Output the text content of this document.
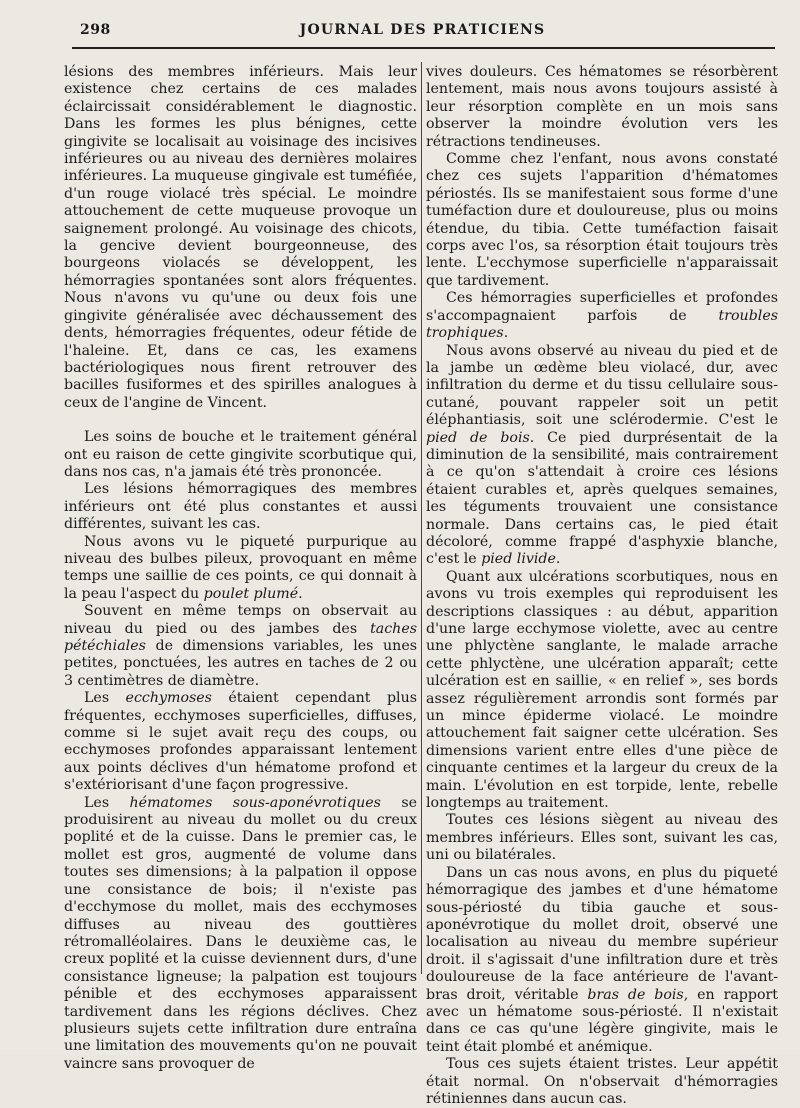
298	JOURNAL DES PRATICIENS

lésions des membres inférieurs. Mais leur existence chez certains de ces malades éclaircissait considérablement le diagnostic. Dans les formes les plus bénignes, cette gingivite se localisait au voisinage des incisives inférieures ou au niveau des dernières molaires inférieures. La muqueuse gingivale est tuméfiée, d'un rouge violacé très spécial. Le moindre attouchement de cette muqueuse provoque un saignement prolongé. Au voisinage des chicots, la gencive devient bourgeonneuse, des bourgeons violacés se développent, les hémorragies spontanées sont alors fréquentes. Nous n'avons vu qu'une ou deux fois une gingivite généralisée avec déchaussement des dents, hémorragies fréquentes, odeur fétide de l'haleine. Et, dans ce cas, les examens bactériologiques nous firent retrouver des bacilles fusiformes et des spirilles analogues à ceux de l'angine de Vincent.

Les soins de bouche et le traitement général ont eu raison de cette gingivite scorbutique qui, dans nos cas, n'a jamais été très prononcée.

Les lésions hémorragiques des membres inférieurs ont été plus constantes et aussi différentes, suivant les cas.

Nous avons vu le piqueté purpurique au niveau des bulbes pileux, provoquant en même temps une saillie de ces points, ce qui donnait à la peau l'aspect du poulet plumé.

Souvent en même temps on observait au niveau du pied ou des jambes des taches pétéchiales de dimensions variables, les unes petites, ponctuées, les autres en taches de 2 ou 3 centimètres de diamètre.

Les ecchymoses étaient cependant plus fréquentes, ecchymoses superficielles, diffuses, comme si le sujet avait reçu des coups, ou ecchymoses profondes apparaissant lentement aux points déclives d'un hématome profond et s'extériorisant d'une façon progressive.

Les hématomes sous-aponévrotiques se produisirent au niveau du mollet ou du creux poplité et de la cuisse. Dans le premier cas, le mollet est gros, augmenté de volume dans toutes ses dimensions; à la palpation il oppose une consistance de bois; il n'existe pas d'ecchymose du mollet, mais des ecchymoses diffuses au niveau des gouttières rétromalléolaires. Dans le deuxième cas, le creux poplité et la cuisse deviennent durs, d'une consistance ligneuse; la palpation est toujours pénible et des ecchymoses apparaissent tardivement dans les régions déclives. Chez plusieurs sujets cette infiltration dure entraîna une limitation des mouvements qu'on ne pouvait vaincre sans provoquer de

vives douleurs. Ces hématomes se résorbèrent lentement, mais nous avons toujours assisté à leur résorption complète en un mois sans observer la moindre évolution vers les rétractions tendineuses.

Comme chez l'enfant, nous avons constaté chez ces sujets l'apparition d'hématomes périostés. Ils se manifestaient sous forme d'une tuméfaction dure et douloureuse, plus ou moins étendue, du tibia. Cette tuméfaction faisait corps avec l'os, sa résorption était toujours très lente. L'ecchymose superficielle n'apparaissait que tardivement.

Ces hémorragies superficielles et profondes s'accompagnaient parfois de troubles trophiques.

Nous avons observé au niveau du pied et de la jambe un œdème bleu violacé, dur, avec infiltration du derme et du tissu cellulaire sous-cutané, pouvant rappeler soit un petit éléphantiasis, soit une sclérodermie. C'est le pied de bois. Ce pied durprésentait de la diminution de la sensibilité, mais contrairement à ce qu'on s'attendait à croire ces lésions étaient curables et, après quelques semaines, les téguments trouvaient une consistance normale. Dans certains cas, le pied était décoloré, comme frappé d'asphyxie blanche, c'est le pied livide.

Quant aux ulcérations scorbutiques, nous en avons vu trois exemples qui reproduisent les descriptions classiques : au début, apparition d'une large ecchymose violette, avec au centre une phlyctène sanglante, le malade arrache cette phlyctène, une ulcération apparaît; cette ulcération est en saillie, « en relief », ses bords assez régulièrement arrondis sont formés par un mince épiderme violacé. Le moindre attouchement fait saigner cette ulcération. Ses dimensions varient entre elles d'une pièce de cinquante centimes et la largeur du creux de la main. L'évolution en est torpide, lente, rebelle longtemps au traitement.

Toutes ces lésions siègent au niveau des membres inférieurs. Elles sont, suivant les cas, uni ou bilatérales.

Dans un cas nous avons, en plus du piqueté hémorragique des jambes et d'une hématome sous-périosté du tibia gauche et sous-aponévrotique du mollet droit, observé une localisation au niveau du membre supérieur droit. il s'agissait d'une infiltration dure et très douloureuse de la face antérieure de l'avant-bras droit, véritable bras de bois, en rapport avec un hématome sous-périosté. Il n'existait dans ce cas qu'une légère gingivite, mais le teint était plombé et anémique.

Tous ces sujets étaient tristes. Leur appétit était normal. On n'observait d'hémorragies rétiniennes dans aucun cas.
